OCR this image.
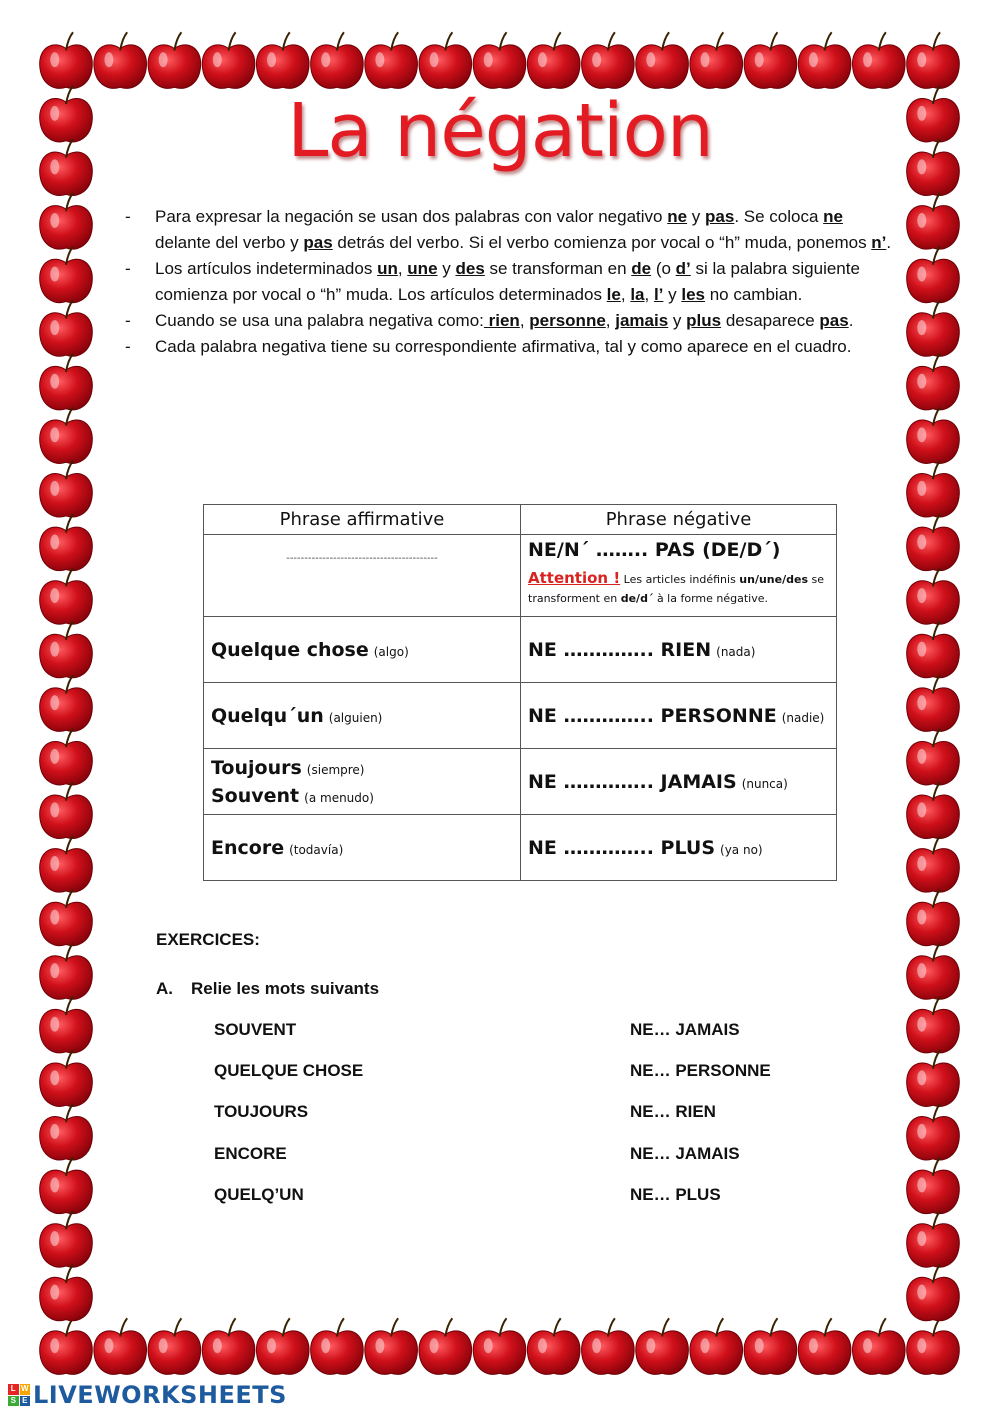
La négation
- Para expresar la negación se usan dos palabras con valor negativo ne y pas. Se coloca ne delante del verbo y pas detrás del verbo. Si el verbo comienza por vocal o “h” muda, ponemos n’.
- Los artículos indeterminados un, une y des se transforman en de (o d’ si la palabra siguiente comienza por vocal o “h” muda. Los artículos determinados le, la, l’ y les no cambian.
- Cuando se usa una palabra negativa como: rien, personne, jamais y plus desaparece pas.
- Cada palabra negativa tiene su correspondiente afirmativa, tal y como aparece en el cuadro.
Phrase affirmative	Phrase négative

------------------------------------------	NE/N´ …….. PAS (DE/D´)
Attention ! Les articles indéfinis un/une/des se transforment en de/d´ à la forme négative.

Quelque chose (algo)	NE ………….. RIEN (nada)

Quelqu´un (alguien)	NE ………….. PERSONNE (nadie)

Toujours (siempre)
Souvent (a menudo)	NE ………….. JAMAIS (nunca)

Encore (todavía)	NE ………….. PLUS (ya no)
EXERCICES:
A. Relie les mots suivants
SOUVENT	NE… JAMAIS
QUELQUE CHOSE	NE… PERSONNE
TOUJOURS	NE… RIEN
ENCORE	NE… JAMAIS
QUELQ’UN	NE… PLUS
L W
S E LIVEWORKSHEETS
